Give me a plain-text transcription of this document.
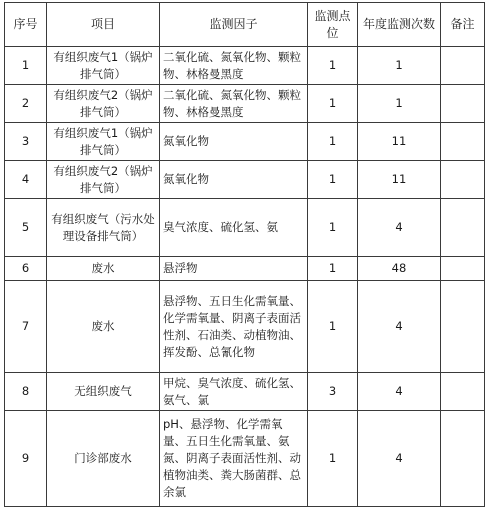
序号	项目	监测因子	监测点位	年度监测次数	备注
1	有组织废气1（锅炉排气筒）	二氧化硫、氮氧化物、颗粒物、林格曼黑度	1	1	
2	有组织废气2（锅炉排气筒）	二氧化硫、氮氧化物、颗粒物、林格曼黑度	1	1	
3	有组织废气1（锅炉排气筒）	氮氧化物	1	11	
4	有组织废气2（锅炉排气筒）	氮氧化物	1	11	
5	有组织废气（污水处理设备排气筒）	臭气浓度、硫化氢、氨	1	4	
6	废水	悬浮物	1	48	
7	废水	悬浮物、五日生化需氧量、化学需氧量、阴离子表面活性剂、石油类、动植物油、挥发酚、总氰化物	1	4	
8	无组织废气	甲烷、臭气浓度、硫化氢、氨气、氯	3	4	
9	门诊部废水	pH、悬浮物、化学需氧量、五日生化需氧量、氨氮、阴离子表面活性剂、动植物油类、粪大肠菌群、总余氯	1	4	
